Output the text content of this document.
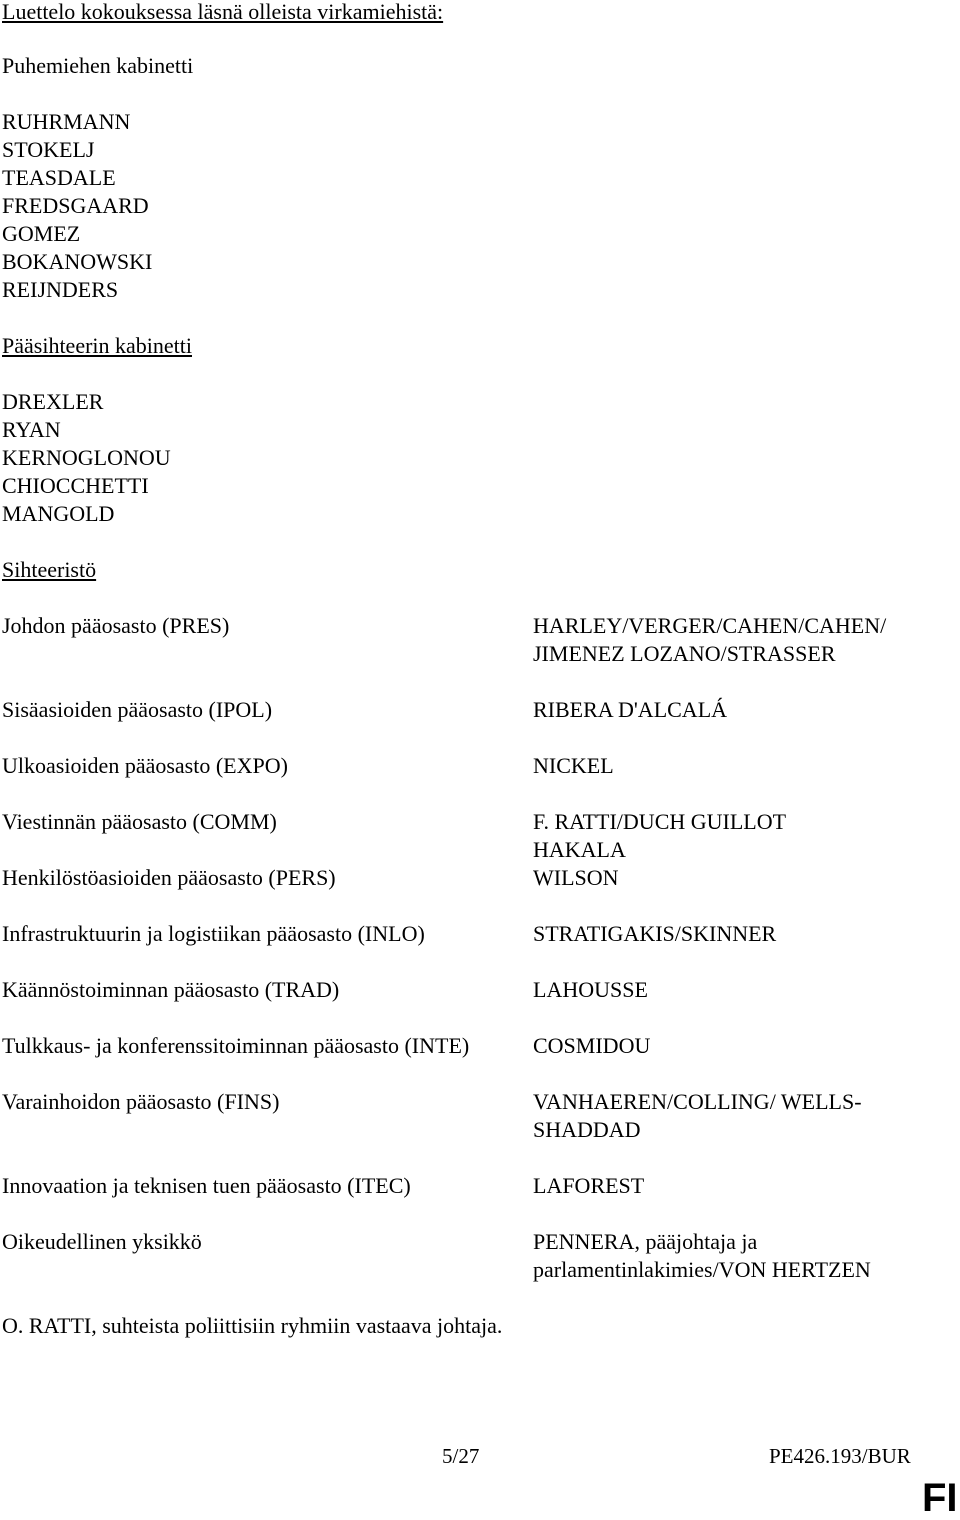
Luettelo kokouksessa läsnä olleista virkamiehistä:

Puhemiehen kabinetti

RUHRMANN
STOKELJ
TEASDALE
FREDSGAARD
GOMEZ
BOKANOWSKI
REIJNDERS

Pääsihteerin kabinetti

DREXLER
RYAN
KERNOGLONOU
CHIOCCHETTI
MANGOLD

Sihteeristö

Johdon pääosasto (PRES)	HARLEY/VERGER/CAHEN/CAHEN/
JIMENEZ LOZANO/STRASSER

Sisäasioiden pääosasto (IPOL)	RIBERA D'ALCALÁ

Ulkoasioiden pääosasto (EXPO)	NICKEL

Viestinnän pääosasto (COMM)	F. RATTI/DUCH GUILLOT
HAKALA

Henkilöstöasioiden pääosasto (PERS)	WILSON

Infrastruktuurin ja logistiikan pääosasto (INLO)	STRATIGAKIS/SKINNER

Käännöstoiminnan pääosasto (TRAD)	LAHOUSSE

Tulkkaus- ja konferenssitoiminnan pääosasto (INTE)	COSMIDOU

Varainhoidon pääosasto (FINS)	VANHAEREN/COLLING/ WELLS-
SHADDAD

Innovaation ja teknisen tuen pääosasto (ITEC)	LAFOREST

Oikeudellinen yksikkö	PENNERA, pääjohtaja ja
parlamentinlakimies/VON HERTZEN

O. RATTI, suhteista poliittisiin ryhmiin vastaava johtaja.

5/27	PE426.193/BUR

FI
